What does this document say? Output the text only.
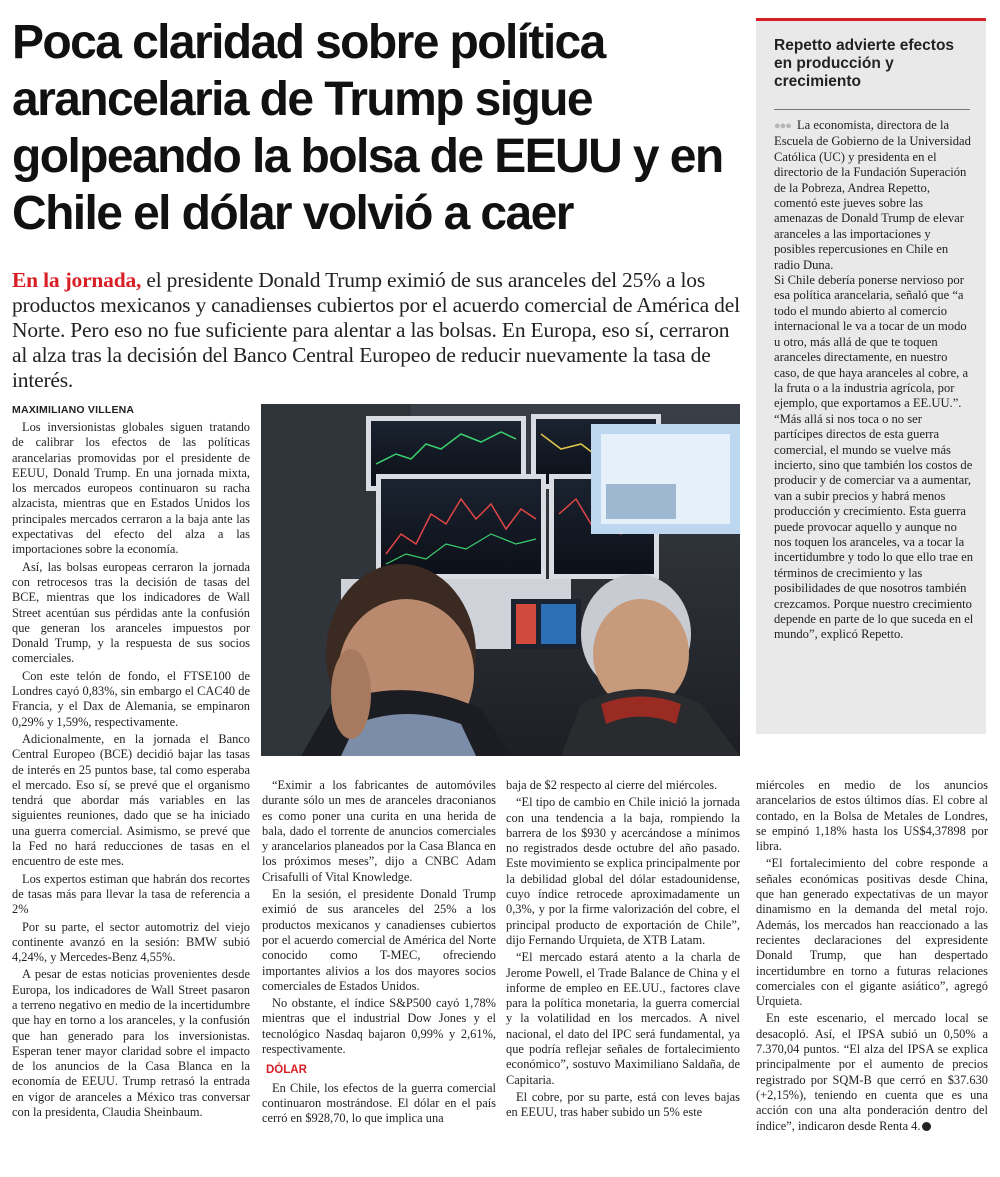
Poca claridad sobre política arancelaria de Trump sigue golpeando la bolsa de EEUU y en Chile el dólar volvió a caer

En la jornada, el presidente Donald Trump eximió de sus aranceles del 25% a los productos mexicanos y canadienses cubiertos por el acuerdo comercial de América del Norte. Pero eso no fue suficiente para alentar a las bolsas. En Europa, eso sí, cerraron al alza tras la decisión del Banco Central Europeo de reducir nuevamente la tasa de interés.

Repetto advierte efectos en producción y crecimiento

●●● La economista, directora de la Escuela de Gobierno de la Universidad Católica (UC) y presidenta en el directorio de la Fundación Superación de la Pobreza, Andrea Repetto, comentó este jueves sobre las amenazas de Donald Trump de elevar aranceles a las importaciones y posibles repercusiones en Chile en radio Duna.

Si Chile debería ponerse nervioso por esa política arancelaria, señaló que “a todo el mundo abierto al comercio internacional le va a tocar de un modo u otro, más allá de que te toquen aranceles directamente, en nuestro caso, de que haya aranceles al cobre, a la fruta o a la industria agrícola, por ejemplo, que exportamos a EE.UU.”.

“Más allá si nos toca o no ser partícipes directos de esta guerra comercial, el mundo se vuelve más incierto, sino que también los costos de producir y de comerciar va a aumentar, van a subir precios y habrá menos producción y crecimiento. Esta guerra puede provocar aquello y aunque no nos toquen los aranceles, va a tocar la incertidumbre y todo lo que ello trae en términos de crecimiento y las posibilidades de que nosotros también crezcamos. Porque nuestro crecimiento depende en parte de lo que suceda en el mundo”, explicó Repetto.

MAXIMILIANO VILLENA

Los inversionistas globales siguen tratando de calibrar los efectos de las políticas arancelarias promovidas por el presidente de EEUU, Donald Trump. En una jornada mixta, los mercados europeos continuaron su racha alzacista, mientras que en Estados Unidos los principales mercados cerraron a la baja ante las expectativas del efecto del alza a las importaciones sobre la economía.

Así, las bolsas europeas cerraron la jornada con retrocesos tras la decisión de tasas del BCE, mientras que los indicadores de Wall Street acentúan sus pérdidas ante la confusión que generan los aranceles impuestos por Donald Trump, y la respuesta de sus socios comerciales.

Con este telón de fondo, el FTSE100 de Londres cayó 0,83%, sin embargo el CAC40 de Francia, y el Dax de Alemania, se empinaron 0,29% y 1,59%, respectivamente.

Adicionalmente, en la jornada el Banco Central Europeo (BCE) decidió bajar las tasas de interés en 25 puntos base, tal como esperaba el mercado. Eso sí, se prevé que el organismo tendrá que abordar más variables en las siguientes reuniones, dado que se ha iniciado una guerra comercial. Asimismo, se prevé que la Fed no hará reducciones de tasas en el encuentro de este mes.

Los expertos estiman que habrán dos recortes de tasas más para llevar la tasa de referencia a 2%

Por su parte, el sector automotriz del viejo continente avanzó en la sesión: BMW subió 4,24%, y Mercedes-Benz 4,55%.

A pesar de estas noticias provenientes desde Europa, los indicadores de Wall Street pasaron a terreno negativo en medio de la incertidumbre que hay en torno a los aranceles, y la confusión que han generado para los inversionistas. Esperan tener mayor claridad sobre el impacto de los anuncios de la Casa Blanca en la economía de EEUU. Trump retrasó la entrada en vigor de aranceles a México tras conversar con la presidenta, Claudia Sheinbaum.

“Eximir a los fabricantes de automóviles durante sólo un mes de aranceles draconianos es como poner una curita en una herida de bala, dado el torrente de anuncios comerciales y arancelarios planeados por la Casa Blanca en los próximos meses”, dijo a CNBC Adam Crisafulli of Vital Knowledge.

En la sesión, el presidente Donald Trump eximió de sus aranceles del 25% a los productos mexicanos y canadienses cubiertos por el acuerdo comercial de América del Norte conocido como T-MEC, ofreciendo importantes alivios a los dos mayores socios comerciales de Estados Unidos.

No obstante, el índice S&P500 cayó 1,78% mientras que el industrial Dow Jones y el tecnológico Nasdaq bajaron 0,99% y 2,61%, respectivamente.

DÓLAR

En Chile, los efectos de la guerra comercial continuaron mostrándose. El dólar en el país cerró en $928,70, lo que implica una

baja de $2 respecto al cierre del miércoles.

“El tipo de cambio en Chile inició la jornada con una tendencia a la baja, rompiendo la barrera de los $930 y acercándose a mínimos no registrados desde octubre del año pasado. Este movimiento se explica principalmente por la debilidad global del dólar estadounidense, cuyo índice retrocede aproximadamente un 0,3%, y por la firme valorización del cobre, el principal producto de exportación de Chile”, dijo Fernando Urquieta, de XTB Latam.

“El mercado estará atento a la charla de Jerome Powell, el Trade Balance de China y el informe de empleo en EE.UU., factores clave para la política monetaria, la guerra comercial y la volatilidad en los mercados. A nivel nacional, el dato del IPC será fundamental, ya que podría reflejar señales de fortalecimiento económico”, sostuvo Maximiliano Saldaña, de Capitaria.

El cobre, por su parte, está con leves bajas en EEUU, tras haber subido un 5% este

miércoles en medio de los anuncios arancelarios de estos últimos días. El cobre al contado, en la Bolsa de Metales de Londres, se empinó 1,18% hasta los US$4,37898 por libra.

“El fortalecimiento del cobre responde a señales económicas positivas desde China, que han generado expectativas de un mayor dinamismo en la demanda del metal rojo. Además, los mercados han reaccionado a las recientes declaraciones del expresidente Donald Trump, que han despertado incertidumbre en torno a futuras relaciones comerciales con el gigante asiático”, agregó Urquieta.

En este escenario, el mercado local se desacopló. Así, el IPSA subió un 0,50% a 7.370,04 puntos. “El alza del IPSA se explica principalmente por el aumento de precios registrado por SQM-B que cerró en $37.630 (+2,15%), teniendo en cuenta que es una acción con una alta ponderación dentro del índice”, indicaron desde Renta 4.
